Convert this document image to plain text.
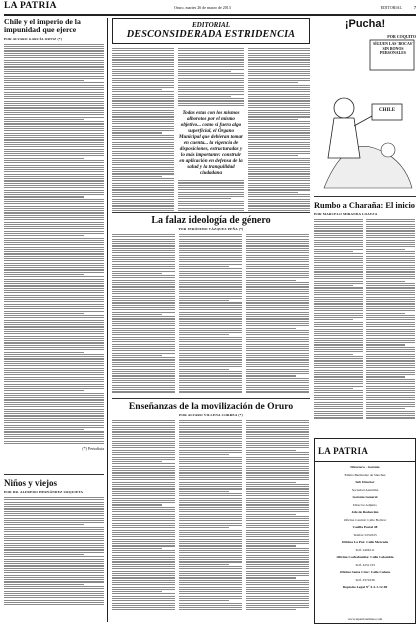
LA PATRIA	Oruro, martes 26 de marzo de 2013	EDITORIAL	7
Chile y el imperio de la impunidad que ejerce
POR ALVARO GARCÍA ORTIZ (*)
(*) Periodista
Niños y viejos
POR DR. ALFREDO HERNÁNDEZ URQUIETA
EDITORIAL
DESCONSIDERADA ESTRIDENCIA
Todas estas con los mismos alborotos por el mismo objetivo... como si fuera algo superficial, el Órgano Municipal que debieran tomar en cuenta... la vigencia de disposiciones, estructuradas y lo más importante: construir en aplicación en defensa de la salud y la tranquilidad ciudadana
¡Pucha!
POR COQUITO
SÍGUEN LAS 'BOCAS' SIN BONOS PERSONALES
CHILE
Rumbo a Charaña: El inicio
POR MARCELO MIRANDA LOAYZA
La falaz ideología de género
POR JERÓNIMO VÁZQUEZ PEÑA (*)
Enseñanzas de la movilización de Oruro
POR ALVARO VILLENA CORREA (*)
LA PATRIA
Directora - Gerente
Emma Bermudez de Sánchez
Sub Director
Sociedad Anónima
Gerente General
Director Adjunto
Jefe de Redacción
Oficina Central: Calle Bolívar
Casilla Postal 48
Telefax 5254525
Oficina La Paz: Calle Mercado
Telf. 2406111
Oficina Cochabamba: Calle Colombia
Telf. 4251133
Oficina Santa Cruz: Calle Cañoto
Telf. 3372236
Depósito Legal Nº 4-3-1-12-00
www.lapatriaenlinea.com
